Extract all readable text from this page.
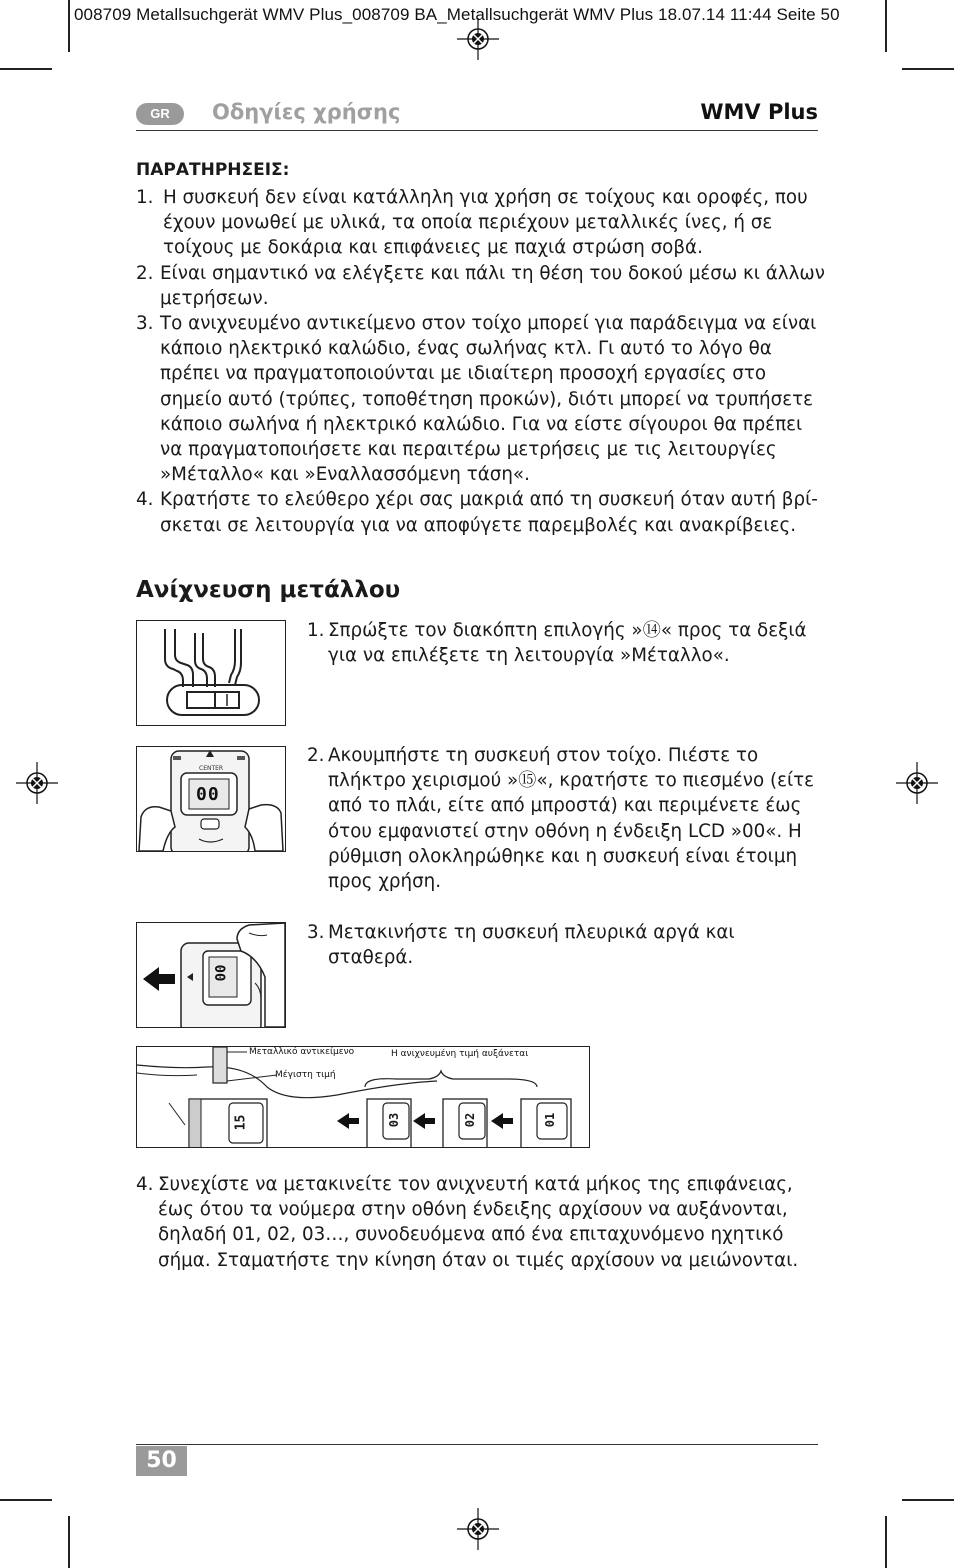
008709 Metallsuchgerät WMV Plus_008709 BA_Metallsuchgerät WMV Plus 18.07.14 11:44 Seite 50
GR	Οδηγίες χρήσης	WMV Plus
ΠΑΡΑΤΗΡΗΣΕΙΣ:
1. Η συσκευή δεν είναι κατάλληλη για χρήση σε τοίχους και οροφές, που έχουν μονωθεί με υλικά, τα οποία περιέχουν μεταλλικές ίνες, ή σε τοίχους με δοκάρια και επιφάνειες με παχιά στρώση σοβά.
2. Είναι σημαντικό να ελέγξετε και πάλι τη θέση του δοκού μέσω κι άλλων μετρήσεων.
3. Το ανιχνευμένο αντικείμενο στον τοίχο μπορεί για παράδειγμα να είναι κάποιο ηλεκτρικό καλώδιο, ένας σωλήνας κτλ. Γι αυτό το λόγο θα πρέπει να πραγματοποιούνται με ιδιαίτερη προσοχή εργασίες στο σημείο αυτό (τρύπες, τοποθέτηση προκών), διότι μπορεί να τρυπήσετε κάποιο σωλήνα ή ηλεκτρικό καλώδιο. Για να είστε σίγουροι θα πρέπει να πραγματοποιήσετε και περαιτέρω μετρήσεις με τις λειτουργίες »Μέταλλο« και »Εναλλασσόμενη τάση«.
4. Κρατήστε το ελεύθερο χέρι σας μακριά από τη συσκευή όταν αυτή βρί-σκεται σε λειτουργία για να αποφύγετε παρεμβολές και ανακρίβειες.
Ανίχνευση μετάλλου
CENTER
00
00
1. Σπρώξτε τον διακόπτη επιλογής »⑭« προς τα δεξιά για να επιλέξετε τη λειτουργία »Μέταλλο«.
2. Ακουμπήστε τη συσκευή στον τοίχο. Πιέστε το πλήκτρο χειρισμού »⑮«, κρατήστε το πιεσμένο (είτε από το πλάι, είτε από μπροστά) και περιμένετε έως ότου εμφανιστεί στην οθόνη η ένδειξη LCD »00«. Η ρύθμιση ολοκληρώθηκε και η συσκευή είναι έτοιμη προς χρήση.
3. Μετακινήστε τη συσκευή πλευρικά αργά και σταθερά.
Μεταλλικό αντικείμενο
Μέγιστη τιμή
Η ανιχνευμένη τιμή αυξάνεται
15	03	02	01
4. Συνεχίστε να μετακινείτε τον ανιχνευτή κατά μήκος της επιφάνειας, έως ότου τα νούμερα στην οθόνη ένδειξης αρχίσουν να αυξάνονται, δηλαδή 01, 02, 03…, συνοδευόμενα από ένα επιταχυνόμενο ηχητικό σήμα. Σταματήστε την κίνηση όταν οι τιμές αρχίσουν να μειώνονται.
50
